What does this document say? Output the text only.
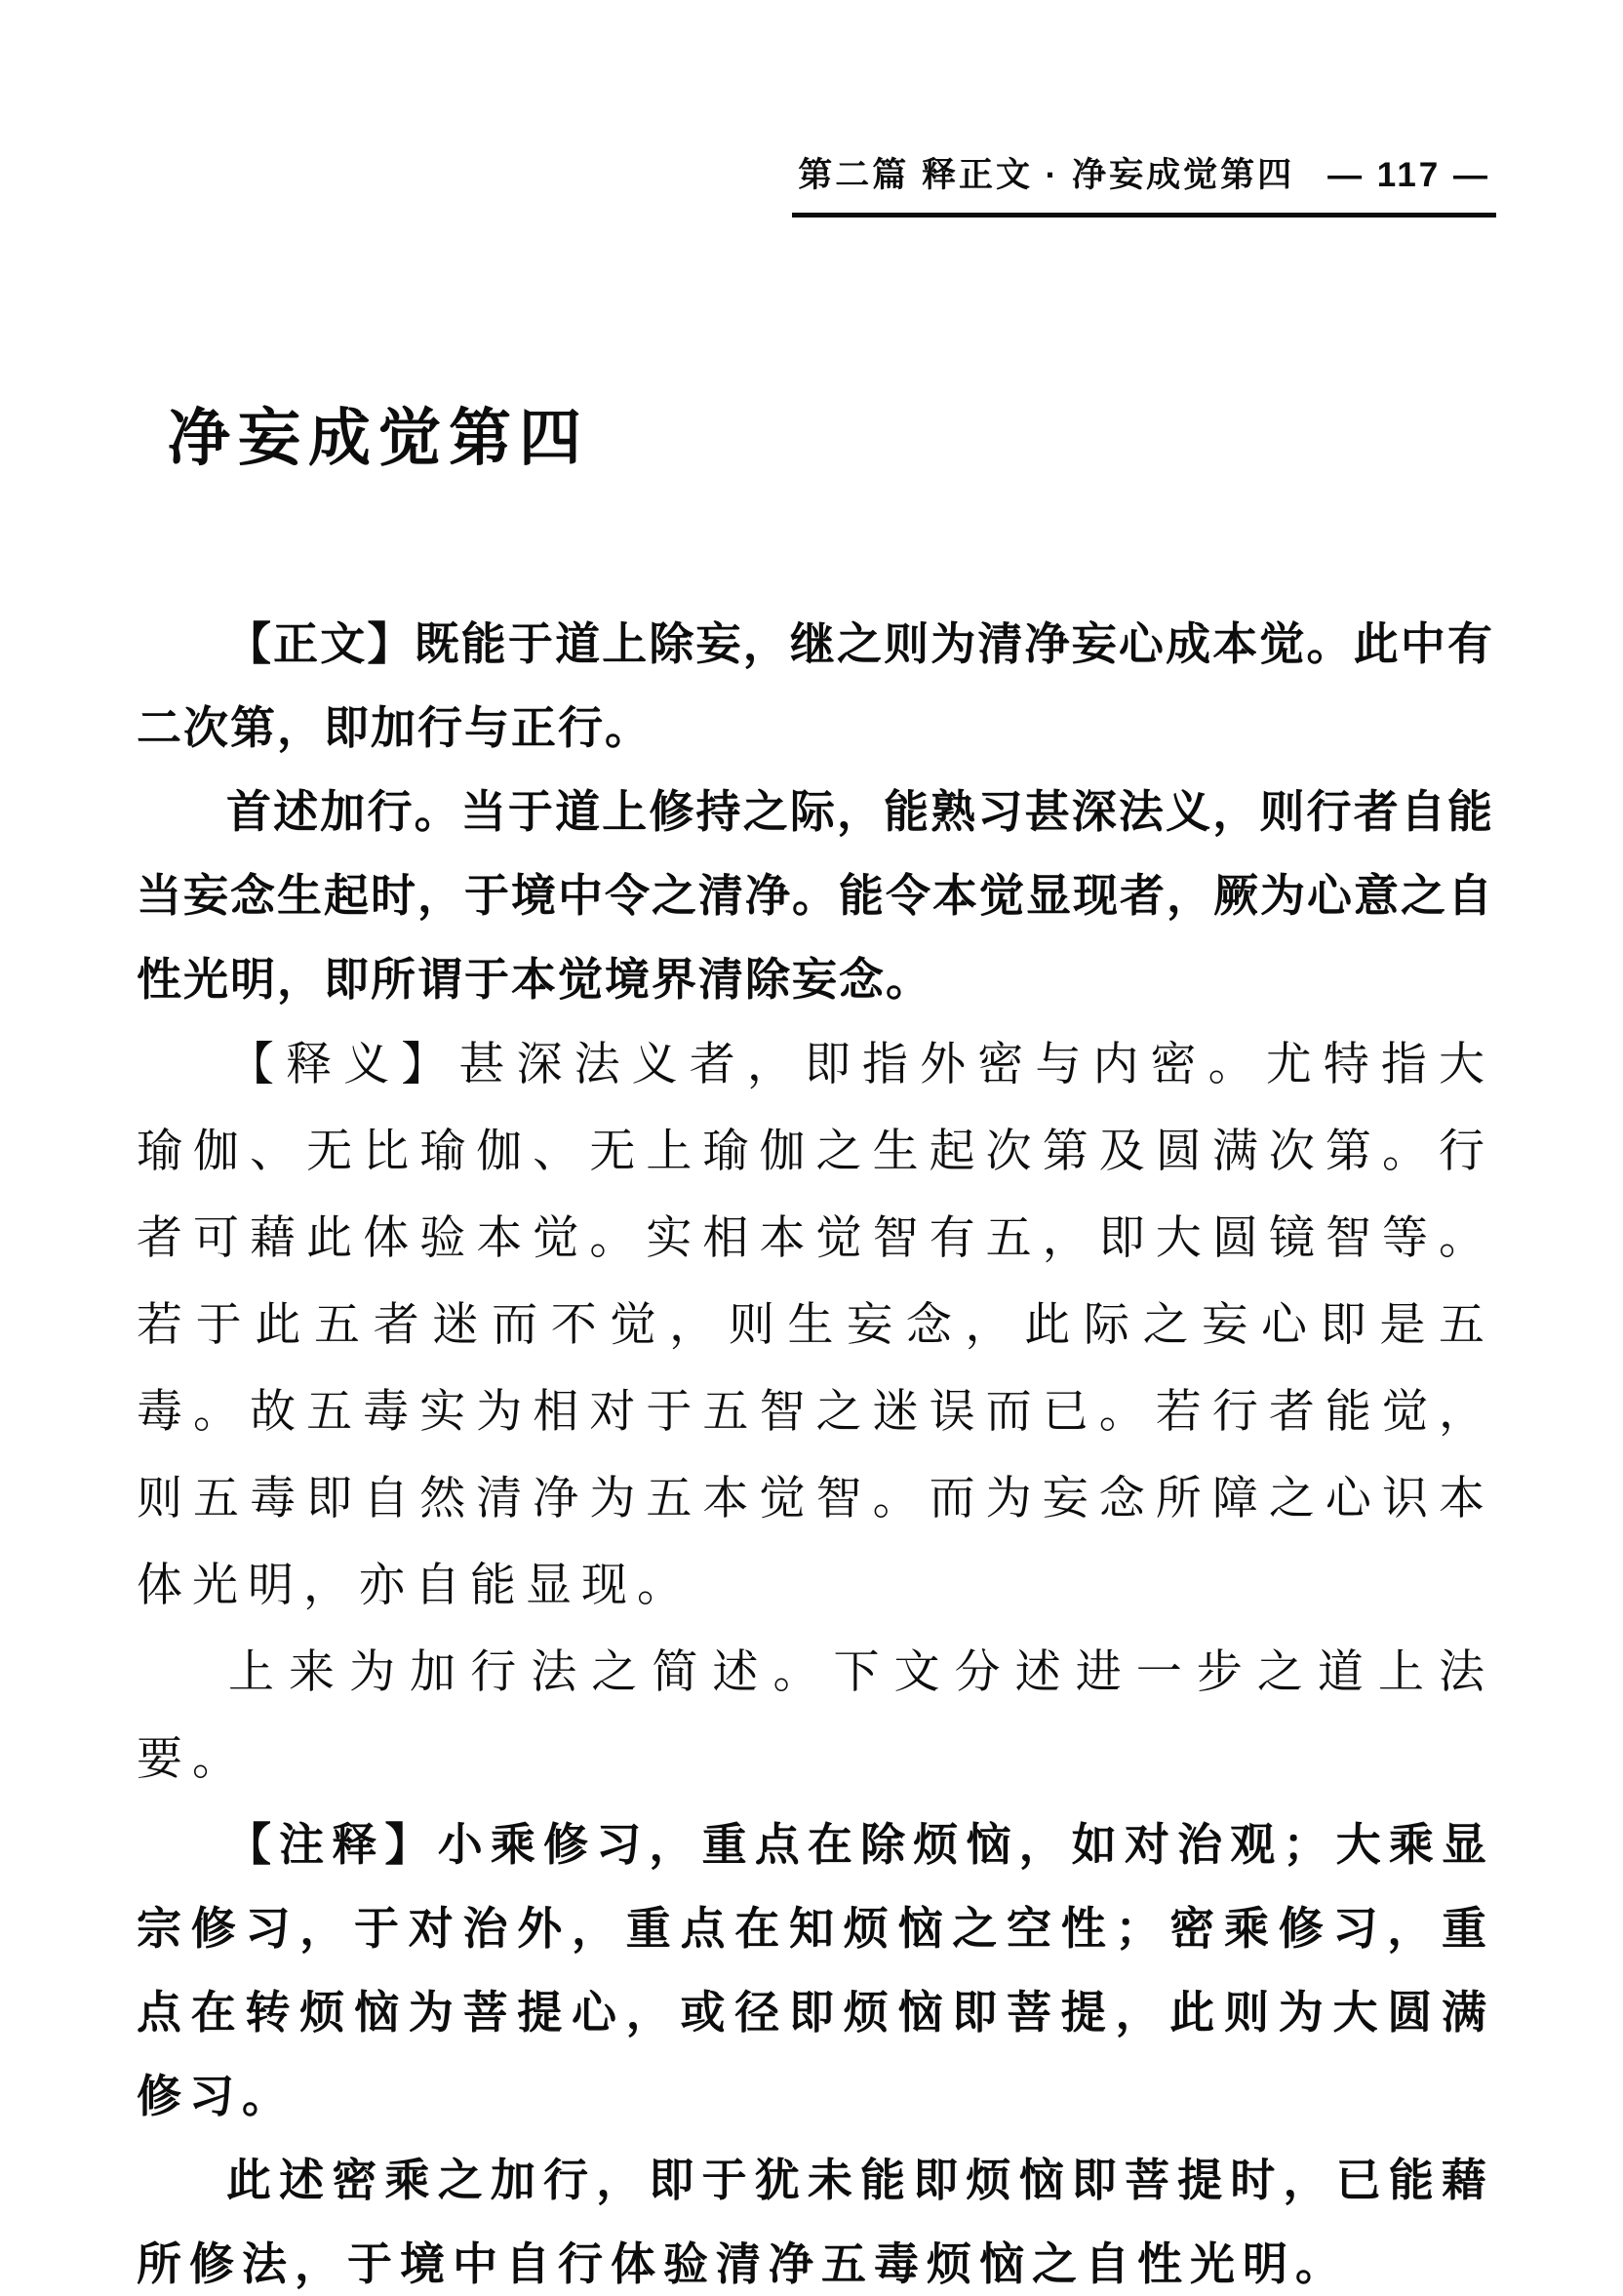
第二篇 释正文 · 净妄成觉第四 — 117 —
净妄成觉第四

【正文】既能于道上除妄，继之则为清净妄心成本觉。此中有二次第，即加行与正行。

首述加行。当于道上修持之际，能熟习甚深法义，则行者自能当妄念生起时，于境中令之清净。能令本觉显现者，厥为心意之自性光明，即所谓于本觉境界清除妄念。

【释义】甚深法义者，即指外密与内密。尤特指大瑜伽、无比瑜伽、无上瑜伽之生起次第及圆满次第。行者可藉此体验本觉。实相本觉智有五，即大圆镜智等。若于此五者迷而不觉，则生妄念，此际之妄心即是五毒。故五毒实为相对于五智之迷误而已。若行者能觉，则五毒即自然清净为五本觉智。而为妄念所障之心识本体光明，亦自能显现。

上来为加行法之简述。下文分述进一步之道上法要。

【注释】小乘修习，重点在除烦恼，如对治观；大乘显宗修习，于对治外，重点在知烦恼之空性；密乘修习，重点在转烦恼为菩提心，或径即烦恼即菩提，此则为大圆满修习。

此述密乘之加行，即于犹未能即烦恼即菩提时，已能藉所修法，于境中自行体验清净五毒烦恼之自性光明。
